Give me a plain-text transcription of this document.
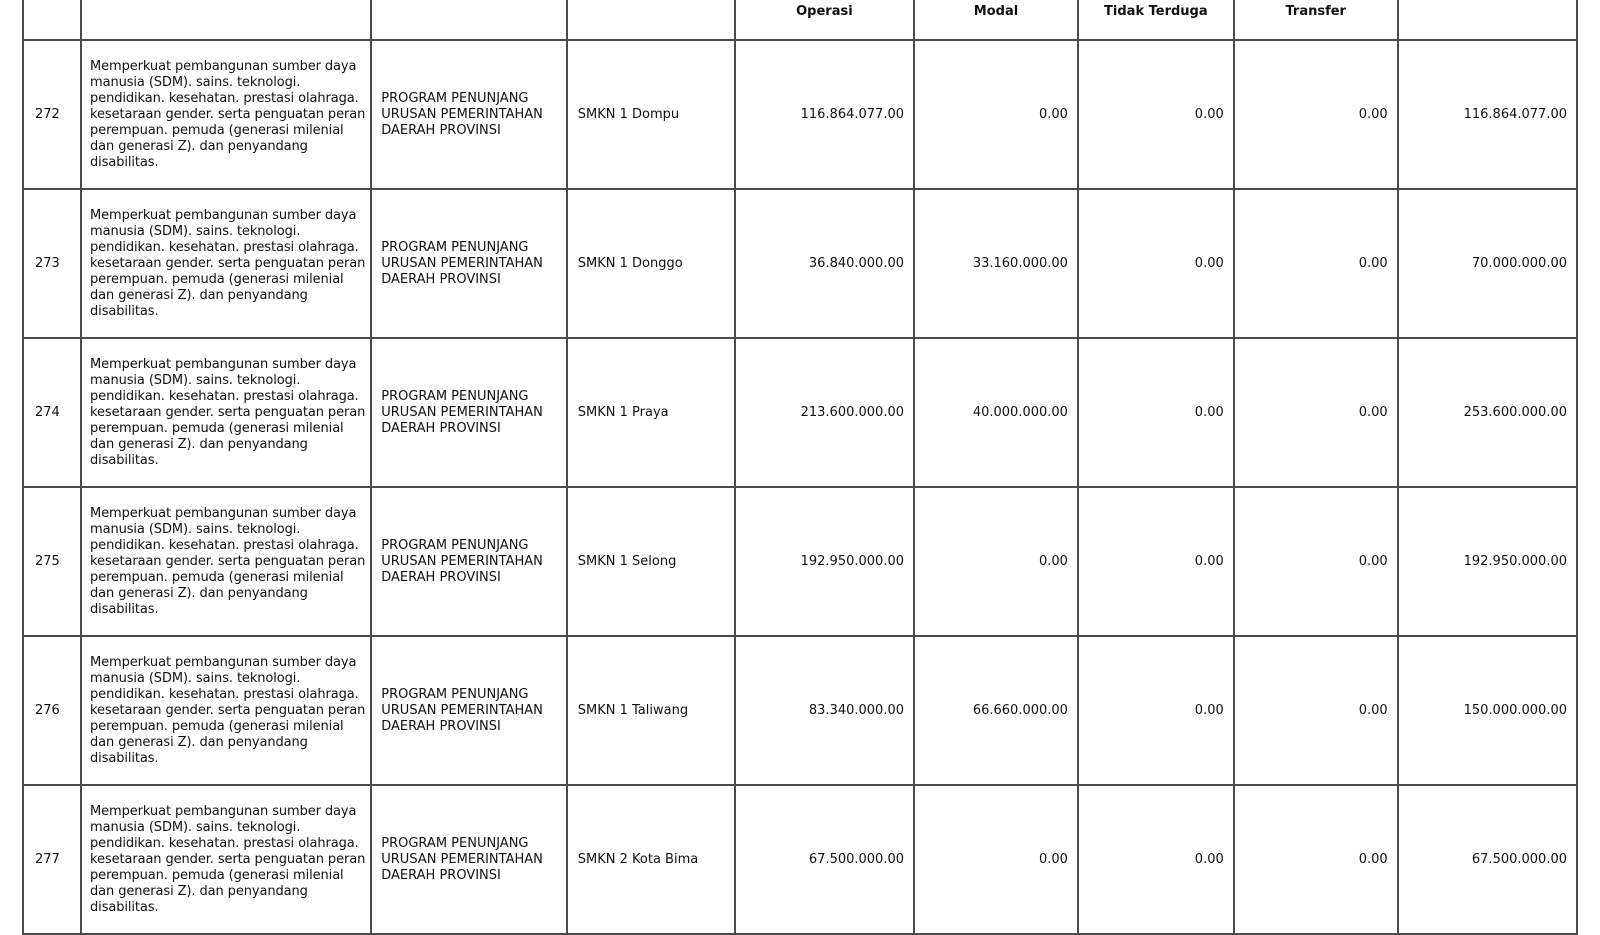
				Operasi	Modal	Tidak Terduga	Transfer	
272	Memperkuat pembangunan sumber daya manusia (SDM). sains. teknologi. pendidikan. kesehatan. prestasi olahraga. kesetaraan gender. serta penguatan peran perempuan. pemuda (generasi milenial dan generasi Z). dan penyandang disabilitas.	PROGRAM PENUNJANG URUSAN PEMERINTAHAN DAERAH PROVINSI	SMKN 1 Dompu	116.864.077.00	0.00	0.00	0.00	116.864.077.00
273	Memperkuat pembangunan sumber daya manusia (SDM). sains. teknologi. pendidikan. kesehatan. prestasi olahraga. kesetaraan gender. serta penguatan peran perempuan. pemuda (generasi milenial dan generasi Z). dan penyandang disabilitas.	PROGRAM PENUNJANG URUSAN PEMERINTAHAN DAERAH PROVINSI	SMKN 1 Donggo	36.840.000.00	33.160.000.00	0.00	0.00	70.000.000.00
274	Memperkuat pembangunan sumber daya manusia (SDM). sains. teknologi. pendidikan. kesehatan. prestasi olahraga. kesetaraan gender. serta penguatan peran perempuan. pemuda (generasi milenial dan generasi Z). dan penyandang disabilitas.	PROGRAM PENUNJANG URUSAN PEMERINTAHAN DAERAH PROVINSI	SMKN 1 Praya	213.600.000.00	40.000.000.00	0.00	0.00	253.600.000.00
275	Memperkuat pembangunan sumber daya manusia (SDM). sains. teknologi. pendidikan. kesehatan. prestasi olahraga. kesetaraan gender. serta penguatan peran perempuan. pemuda (generasi milenial dan generasi Z). dan penyandang disabilitas.	PROGRAM PENUNJANG URUSAN PEMERINTAHAN DAERAH PROVINSI	SMKN 1 Selong	192.950.000.00	0.00	0.00	0.00	192.950.000.00
276	Memperkuat pembangunan sumber daya manusia (SDM). sains. teknologi. pendidikan. kesehatan. prestasi olahraga. kesetaraan gender. serta penguatan peran perempuan. pemuda (generasi milenial dan generasi Z). dan penyandang disabilitas.	PROGRAM PENUNJANG URUSAN PEMERINTAHAN DAERAH PROVINSI	SMKN 1 Taliwang	83.340.000.00	66.660.000.00	0.00	0.00	150.000.000.00
277	Memperkuat pembangunan sumber daya manusia (SDM). sains. teknologi. pendidikan. kesehatan. prestasi olahraga. kesetaraan gender. serta penguatan peran perempuan. pemuda (generasi milenial dan generasi Z). dan penyandang disabilitas.	PROGRAM PENUNJANG URUSAN PEMERINTAHAN DAERAH PROVINSI	SMKN 2 Kota Bima	67.500.000.00	0.00	0.00	0.00	67.500.000.00
